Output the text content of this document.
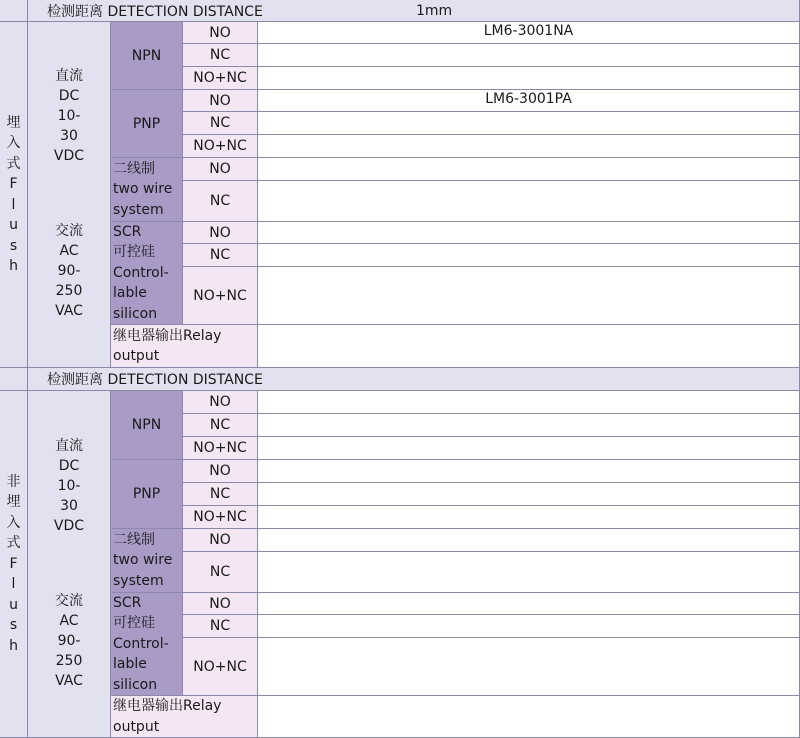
检测距离 DETECTION DISTANCE	1mm
埋
入
式
F
l
u
s
h
直流
DC
10-
30
VDC
交流
AC
90-
250
VAC
NPN
NO
NC
NO+NC
LM6-3001NA
PNP
NO
NC
NO+NC
LM6-3001PA
二线制
two wire
system
NO
NC
SCR
可控硅
Control-
lable
silicon
NO
NC
NO+NC
继电器输出Relay
output
检测距离 DETECTION DISTANCE
非
埋
入
式
F
l
u
s
h
直流
DC
10-
30
VDC
交流
AC
90-
250
VAC
NPN
NO
NC
NO+NC
PNP
NO
NC
NO+NC
二线制
two wire
system
NO
NC
SCR
可控硅
Control-
lable
silicon
NO
NC
NO+NC
继电器输出Relay
output
